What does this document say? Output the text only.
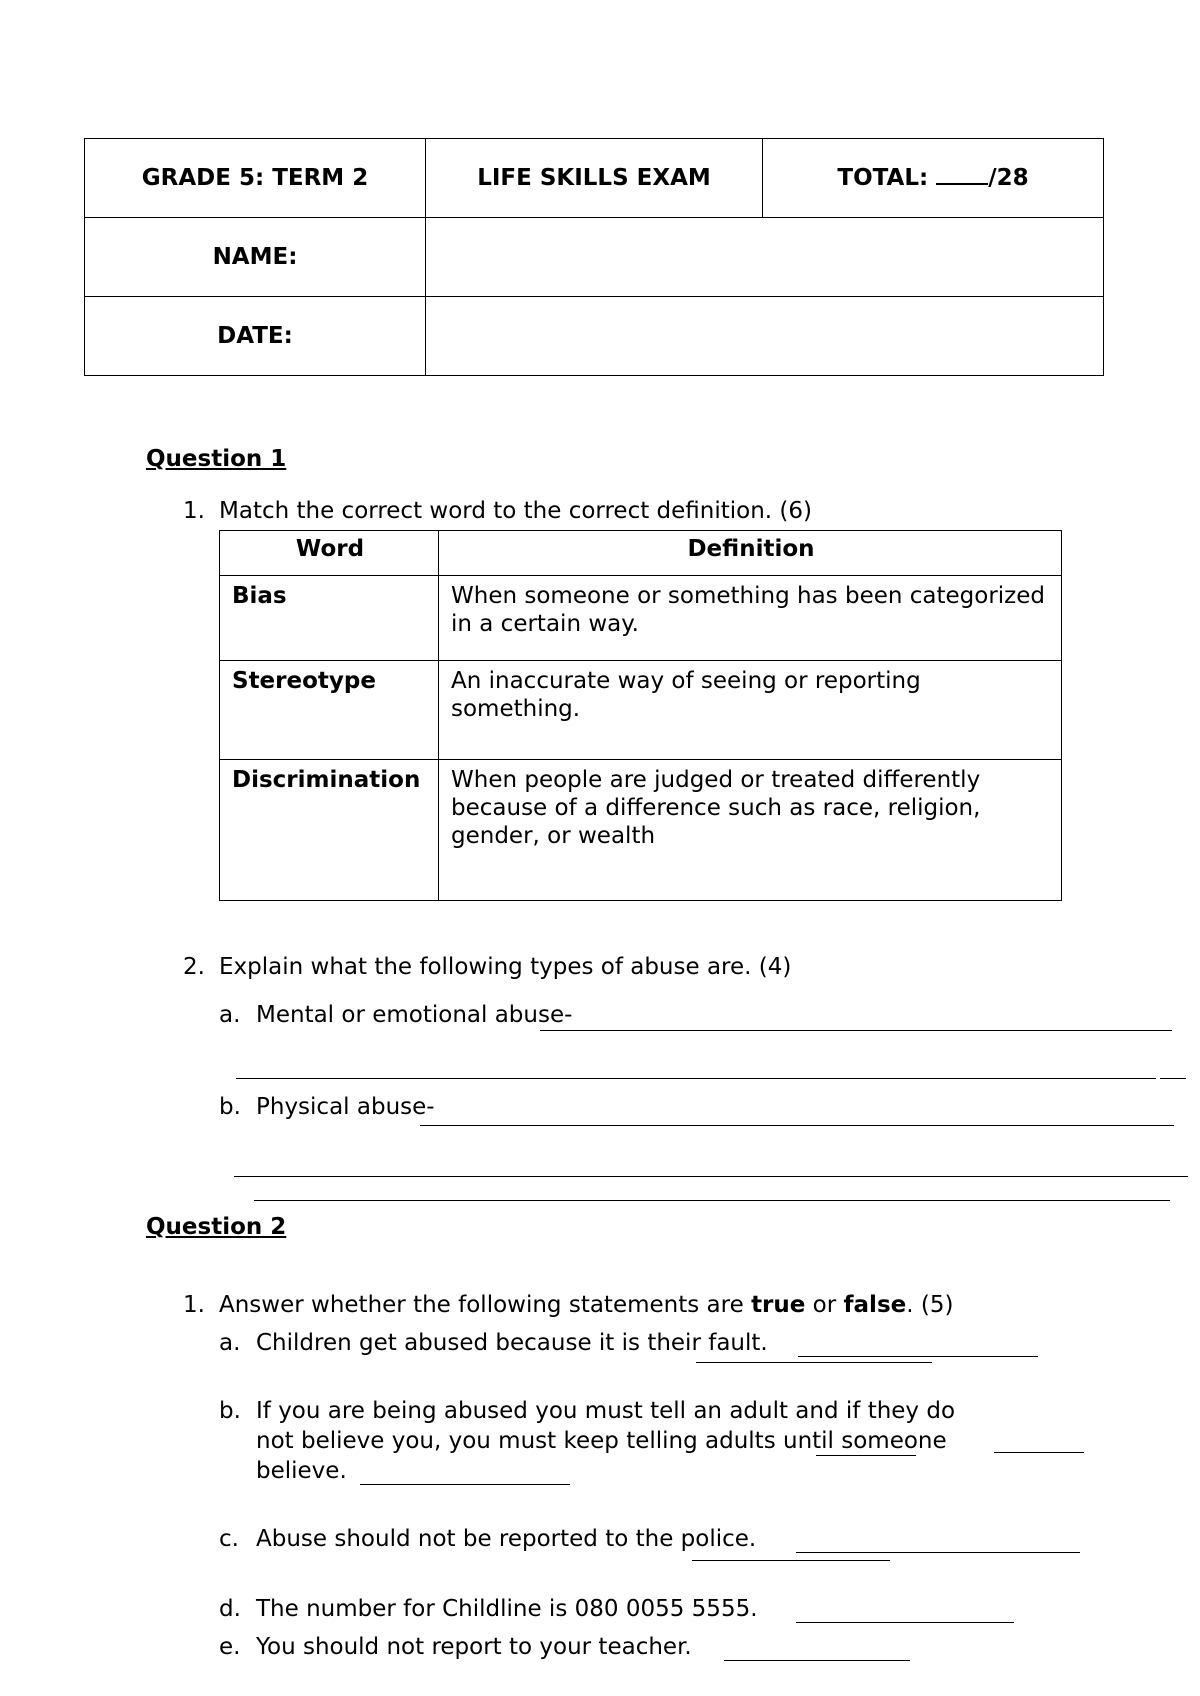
GRADE 5: TERM 2	LIFE SKILLS EXAM	TOTAL: /28
NAME:		
DATE:		
Question 1
1. Match the correct word to the correct definition. (6)
Word	Definition
Bias	When someone or something has been categorized in a certain way.
Stereotype	An inaccurate way of seeing or reporting something.
Discrimination	When people are judged or treated differently because of a difference such as race, religion, gender, or wealth
2. Explain what the following types of abuse are. (4)
a. Mental or emotional abuse-
b. Physical abuse-
Question 2
1. Answer whether the following statements are true or false. (5)
a. Children get abused because it is their fault.
b. If you are being abused you must tell an adult and if they do
not believe you, you must keep telling adults until someone
believe.
c. Abuse should not be reported to the police.
d. The number for Childline is 080 0055 5555.
e. You should not report to your teacher.
